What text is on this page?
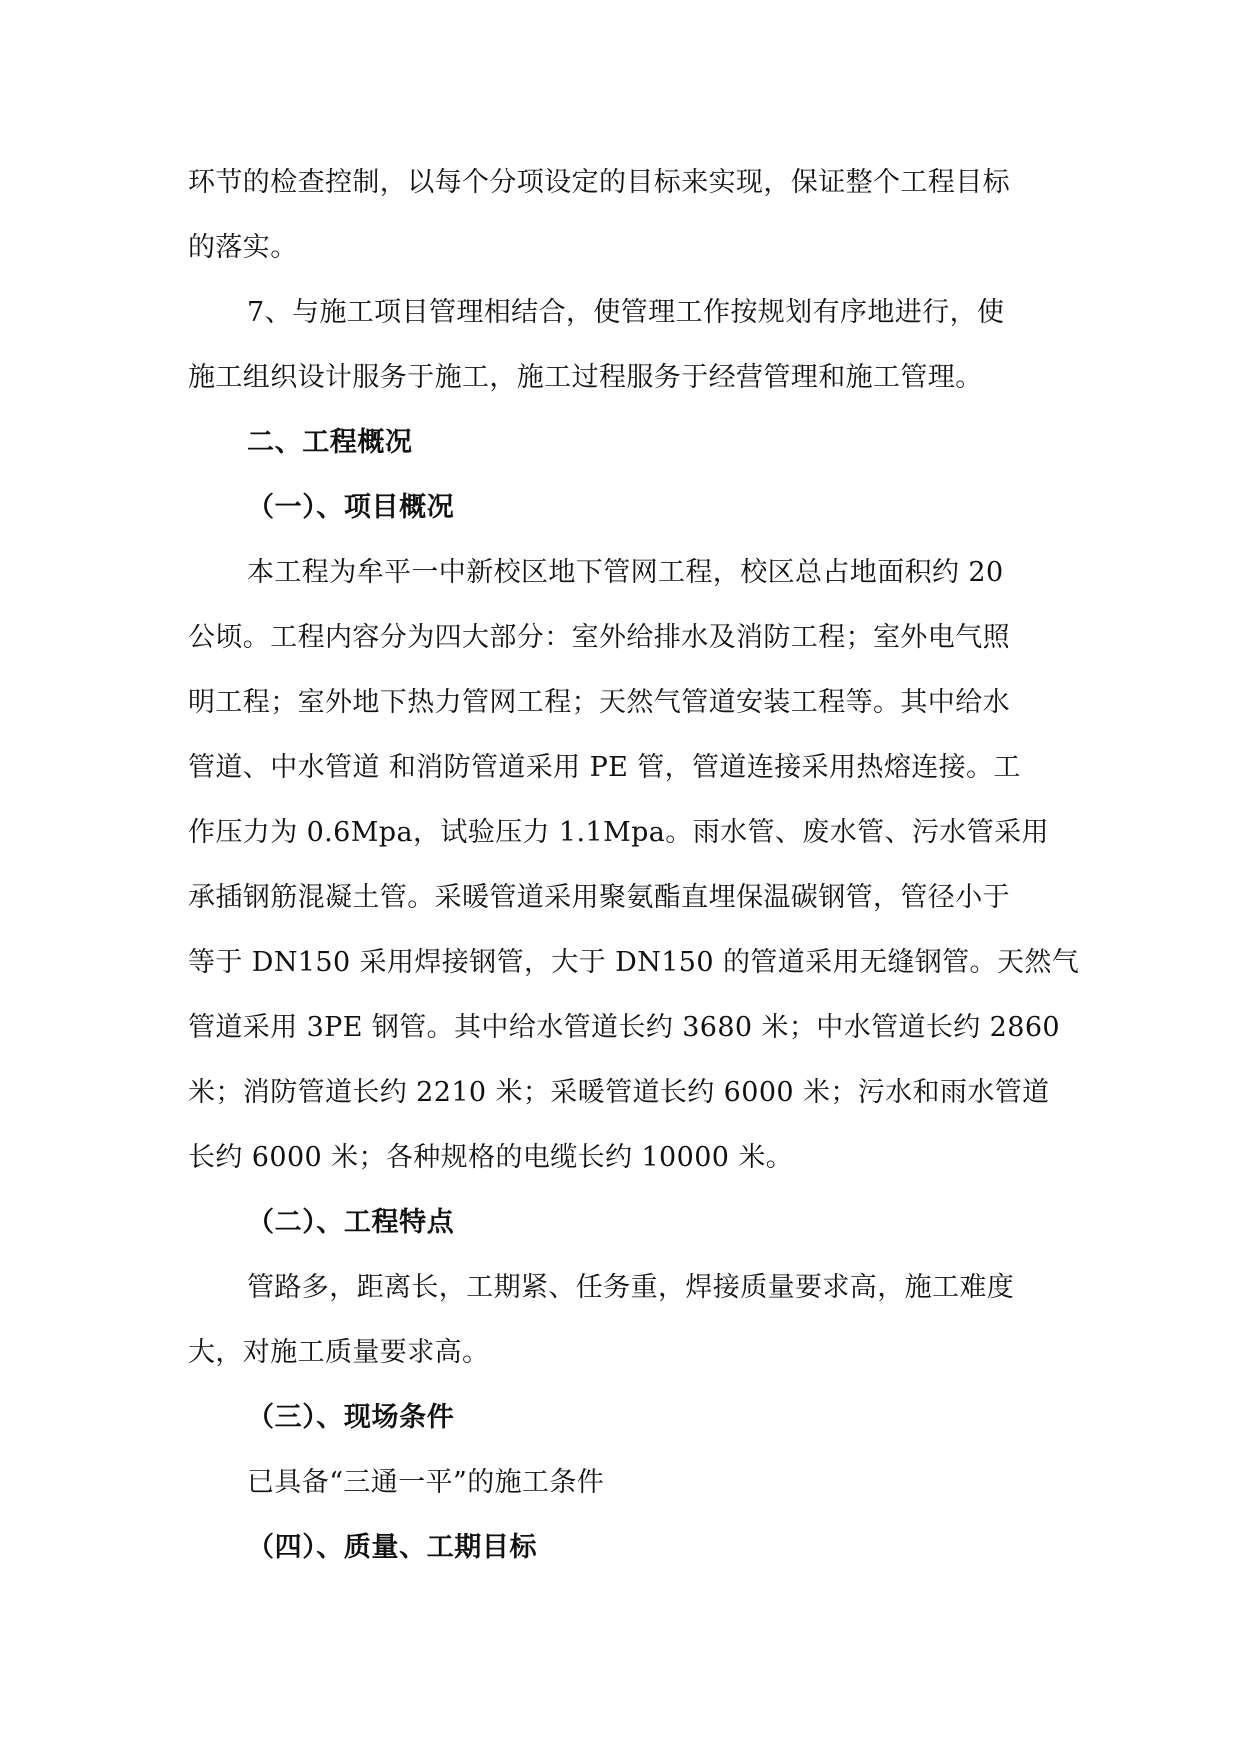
环节的检查控制，以每个分项设定的目标来实现，保证整个工程目标
的落实。
7、与施工项目管理相结合，使管理工作按规划有序地进行，使
施工组织设计服务于施工，施工过程服务于经营管理和施工管理。
二、工程概况
（一）、项目概况
本工程为牟平一中新校区地下管网工程，校区总占地面积约 20
公顷。工程内容分为四大部分：室外给排水及消防工程；室外电气照
明工程；室外地下热力管网工程；天然气管道安装工程等。其中给水
管道、中水管道 和消防管道采用 PE 管，管道连接采用热熔连接。工
作压力为 0.6Mpa，试验压力 1.1Mpa。雨水管、废水管、污水管采用
承插钢筋混凝土管。采暖管道采用聚氨酯直埋保温碳钢管，管径小于
等于 DN150 采用焊接钢管，大于 DN150 的管道采用无缝钢管。天然气
管道采用 3PE 钢管。其中给水管道长约 3680 米；中水管道长约 2860
米；消防管道长约 2210 米；采暖管道长约 6000 米；污水和雨水管道
长约 6000 米；各种规格的电缆长约 10000 米。
（二）、工程特点
管路多，距离长，工期紧、任务重，焊接质量要求高，施工难度
大，对施工质量要求高。
（三）、现场条件
已具备“三通一平”的施工条件
（四）、质量、工期目标
